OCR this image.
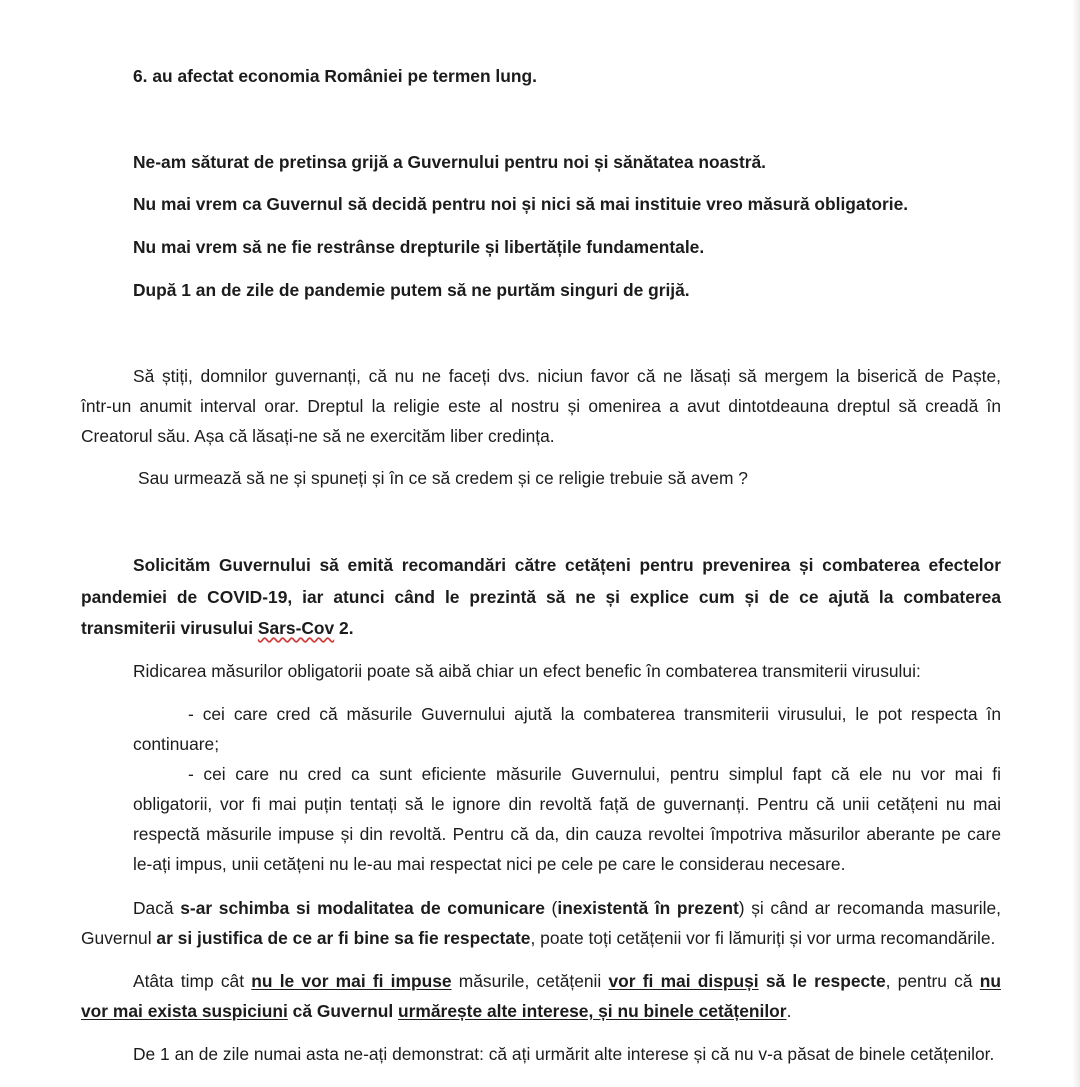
6. au afectat economia României pe termen lung.
Ne-am săturat de pretinsa grijă a Guvernului pentru noi și sănătatea noastră.
Nu mai vrem ca Guvernul să decidă pentru noi și nici să mai instituie vreo măsură obligatorie.
Nu mai vrem să ne fie restrânse drepturile și libertățile fundamentale.
După 1 an de zile de pandemie putem să ne purtăm singuri de grijă.
Să știți, domnilor guvernanți, că nu ne faceți dvs. niciun favor că ne lăsați să mergem la biserică de Paște,
într-un anumit interval orar. Dreptul la religie este al nostru și omenirea a avut dintotdeauna dreptul să creadă în
Creatorul său. Așa că lăsați-ne să ne exercităm liber credința.
Sau urmează să ne și spuneți și în ce să credem și ce religie trebuie să avem ?
Solicităm Guvernului să emită recomandări către cetățeni pentru prevenirea și combaterea efectelor
pandemiei de COVID-19, iar atunci când le prezintă să ne și explice cum și de ce ajută la combaterea
transmiterii virusului Sars-Cov 2.
Ridicarea măsurilor obligatorii poate să aibă chiar un efect benefic în combaterea transmiterii virusului:
- cei care cred că măsurile Guvernului ajută la combaterea transmiterii virusului, le pot respecta în
continuare;
- cei care nu cred ca sunt eficiente măsurile Guvernului, pentru simplul fapt că ele nu vor mai fi
obligatorii, vor fi mai puțin tentați să le ignore din revoltă față de guvernanți. Pentru că unii cetățeni nu mai
respectă măsurile impuse și din revoltă. Pentru că da, din cauza revoltei împotriva măsurilor aberante pe care
le-ați impus, unii cetățeni nu le-au mai respectat nici pe cele pe care le considerau necesare.
Dacă s-ar schimba si modalitatea de comunicare (inexistentă în prezent) și când ar recomanda masurile,
Guvernul ar si justifica de ce ar fi bine sa fie respectate, poate toți cetățenii vor fi lămuriți și vor urma recomandările.
Atâta timp cât nu le vor mai fi impuse măsurile, cetățenii vor fi mai dispuși să le respecte, pentru că nu
vor mai exista suspiciuni că Guvernul urmărește alte interese, și nu binele cetățenilor.
De 1 an de zile numai asta ne-ați demonstrat: că ați urmărit alte interese și că nu v-a păsat de binele cetățenilor.
